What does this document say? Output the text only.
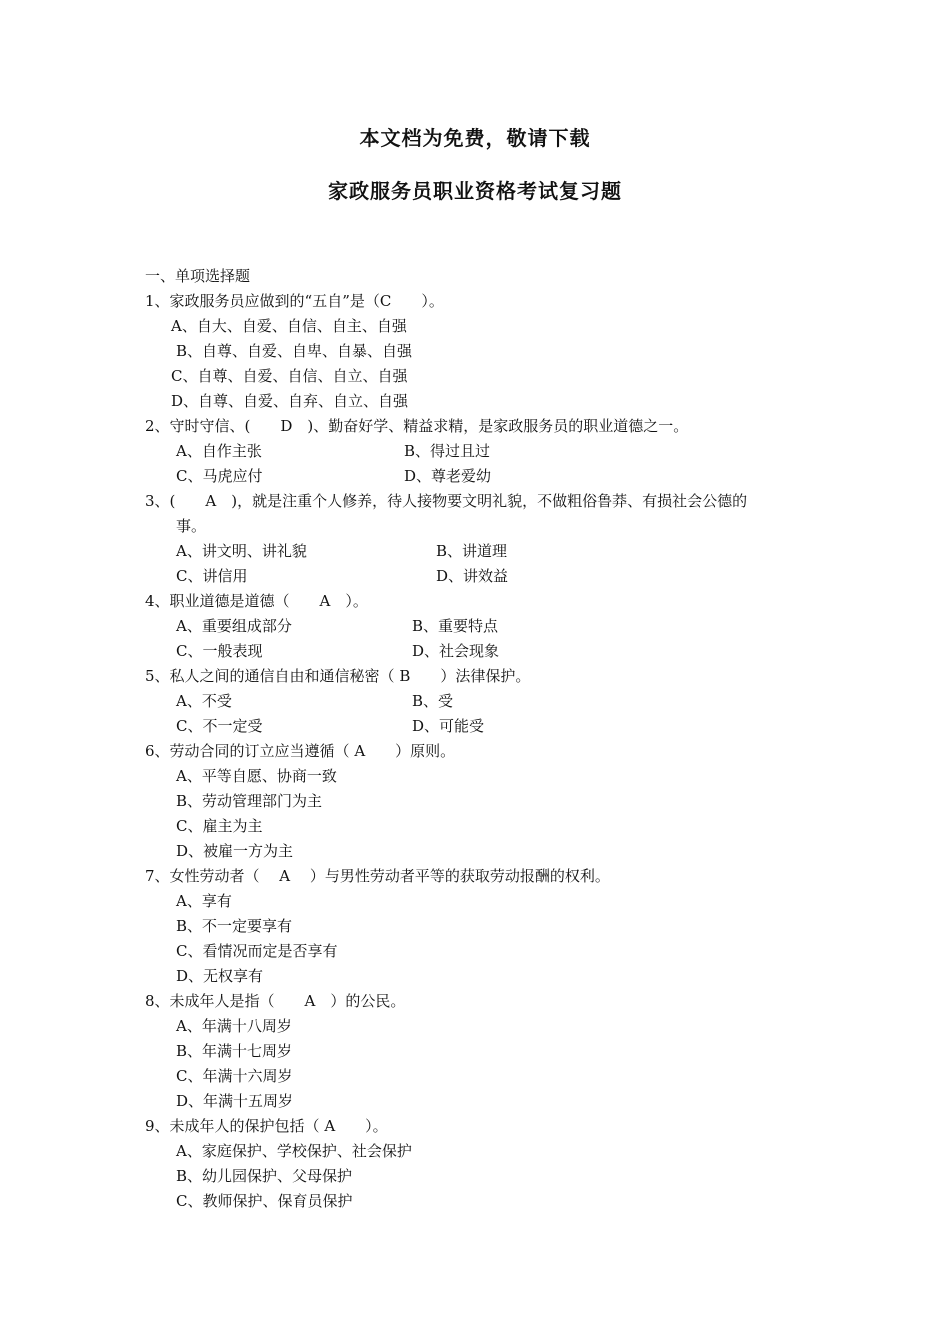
本文档为免费，敬请下载
家政服务员职业资格考试复习题
一、单项选择题
1、家政服务员应做到的“五自”是（C　　）。
A、自大、自爱、自信、自主、自强
B、自尊、自爱、自卑、自暴、自强
C、自尊、自爱、自信、自立、自强
D、自尊、自爱、自弃、自立、自强
2、守时守信、(　　D　)、勤奋好学、精益求精，是家政服务员的职业道德之一。
A、自作主张	B、得过且过
C、马虎应付	D、尊老爱幼
3、(　　A　)，就是注重个人修养，待人接物要文明礼貌，不做粗俗鲁莽、有损社会公德的
事。
A、讲文明、讲礼貌	B、讲道理
C、讲信用	D、讲效益
4、职业道德是道德（　　A　）。
A、重要组成部分	B、重要特点
C、一般表现	D、社会现象
5、私人之间的通信自由和通信秘密（ B　　）法律保护。
A、不受	B、受
C、不一定受	D、可能受
6、劳动合同的订立应当遵循（ A　　）原则。
A、平等自愿、协商一致
B、劳动管理部门为主
C、雇主为主
D、被雇一方为主
7、女性劳动者（　 A　 ）与男性劳动者平等的获取劳动报酬的权利。
A、享有
B、不一定要享有
C、看情况而定是否享有
D、无权享有
8、未成年人是指（　　A　）的公民。
A、年满十八周岁
B、年满十七周岁
C、年满十六周岁
D、年满十五周岁
9、未成年人的保护包括（ A　　）。
A、家庭保护、学校保护、社会保护
B、幼儿园保护、父母保护
C、教师保护、保育员保护
